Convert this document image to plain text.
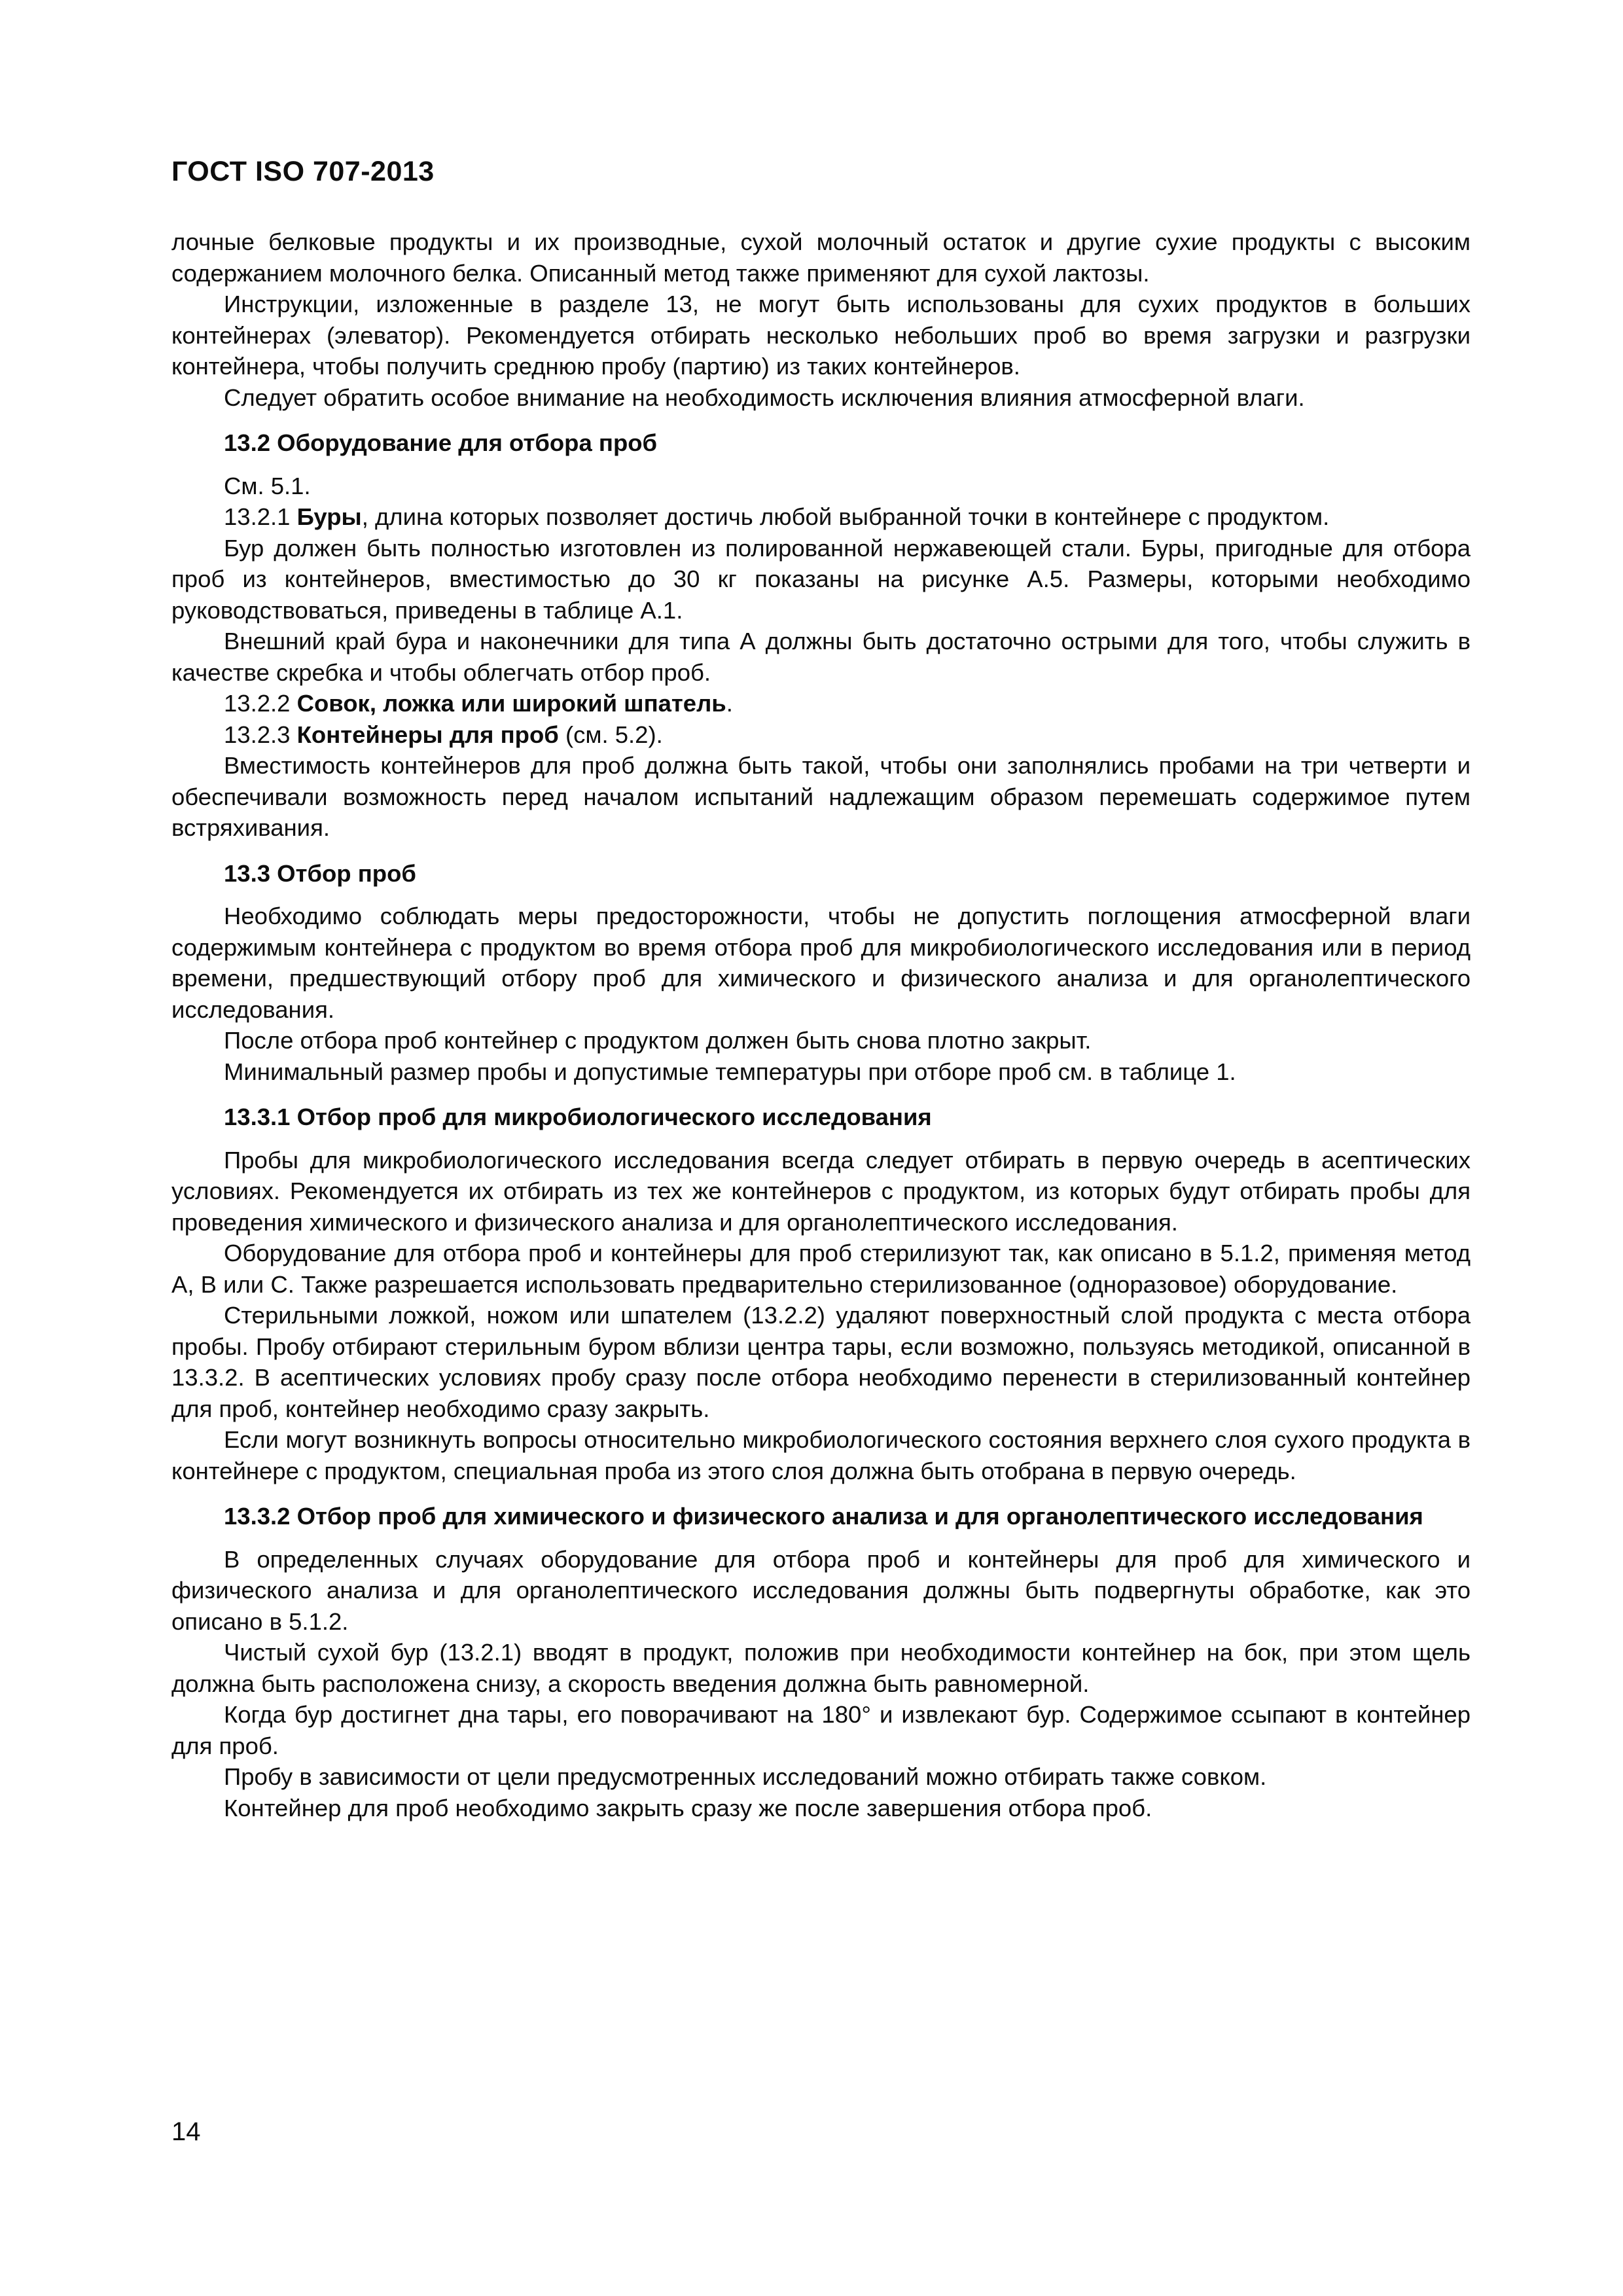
ГОСТ ISO 707-2013

лочные белковые продукты и их производные, сухой молочный остаток и другие сухие продукты с высоким содержанием молочного белка. Описанный метод также применяют для сухой лактозы.

Инструкции, изложенные в разделе 13, не могут быть использованы для сухих продуктов в больших контейнерах (элеватор). Рекомендуется отбирать несколько небольших проб во время загрузки и разгрузки контейнера, чтобы получить среднюю пробу (партию) из таких контейнеров.

Следует обратить особое внимание на необходимость исключения влияния атмосферной влаги.

13.2 Оборудование для отбора проб

См. 5.1.

13.2.1 Буры, длина которых позволяет достичь любой выбранной точки в контейнере с продуктом.

Бур должен быть полностью изготовлен из полированной нержавеющей стали. Буры, пригодные для отбора проб из контейнеров, вместимостью до 30 кг показаны на рисунке А.5. Размеры, которыми необходимо руководствоваться, приведены в таблице А.1.

Внешний край бура и наконечники для типа А должны быть достаточно острыми для того, чтобы служить в качестве скребка и чтобы облегчать отбор проб.

13.2.2 Совок, ложка или широкий шпатель.

13.2.3 Контейнеры для проб (см. 5.2).

Вместимость контейнеров для проб должна быть такой, чтобы они заполнялись пробами на три четверти и обеспечивали возможность перед началом испытаний надлежащим образом перемешать содержимое путем встряхивания.

13.3 Отбор проб

Необходимо соблюдать меры предосторожности, чтобы не допустить поглощения атмосферной влаги содержимым контейнера с продуктом во время отбора проб для микробиологического исследования или в период времени, предшествующий отбору проб для химического и физического анализа и для органолептического исследования.

После отбора проб контейнер с продуктом должен быть снова плотно закрыт.

Минимальный размер пробы и допустимые температуры при отборе проб см. в таблице 1.

13.3.1 Отбор проб для микробиологического исследования

Пробы для микробиологического исследования всегда следует отбирать в первую очередь в асептических условиях. Рекомендуется их отбирать из тех же контейнеров с продуктом, из которых будут отбирать пробы для проведения химического и физического анализа и для органолептического исследования.

Оборудование для отбора проб и контейнеры для проб стерилизуют так, как описано в 5.1.2, применяя метод А, В или С. Также разрешается использовать предварительно стерилизованное (одноразовое) оборудование.

Стерильными ложкой, ножом или шпателем (13.2.2) удаляют поверхностный слой продукта с места отбора пробы. Пробу отбирают стерильным буром вблизи центра тары, если возможно, пользуясь методикой, описанной в 13.3.2. В асептических условиях пробу сразу после отбора необходимо перенести в стерилизованный контейнер для проб, контейнер необходимо сразу закрыть.

Если могут возникнуть вопросы относительно микробиологического состояния верхнего слоя сухого продукта в контейнере с продуктом, специальная проба из этого слоя должна быть отобрана в первую очередь.

13.3.2 Отбор проб для химического и физического анализа и для органолептического исследования

В определенных случаях оборудование для отбора проб и контейнеры для проб для химического и физического анализа и для органолептического исследования должны быть подвергнуты обработке, как это описано в 5.1.2.

Чистый сухой бур (13.2.1) вводят в продукт, положив при необходимости контейнер на бок, при этом щель должна быть расположена снизу, а скорость введения должна быть равномерной.

Когда бур достигнет дна тары, его поворачивают на 180° и извлекают бур. Содержимое ссыпают в контейнер для проб.

Пробу в зависимости от цели предусмотренных исследований можно отбирать также совком.

Контейнер для проб необходимо закрыть сразу же после завершения отбора проб.

14
